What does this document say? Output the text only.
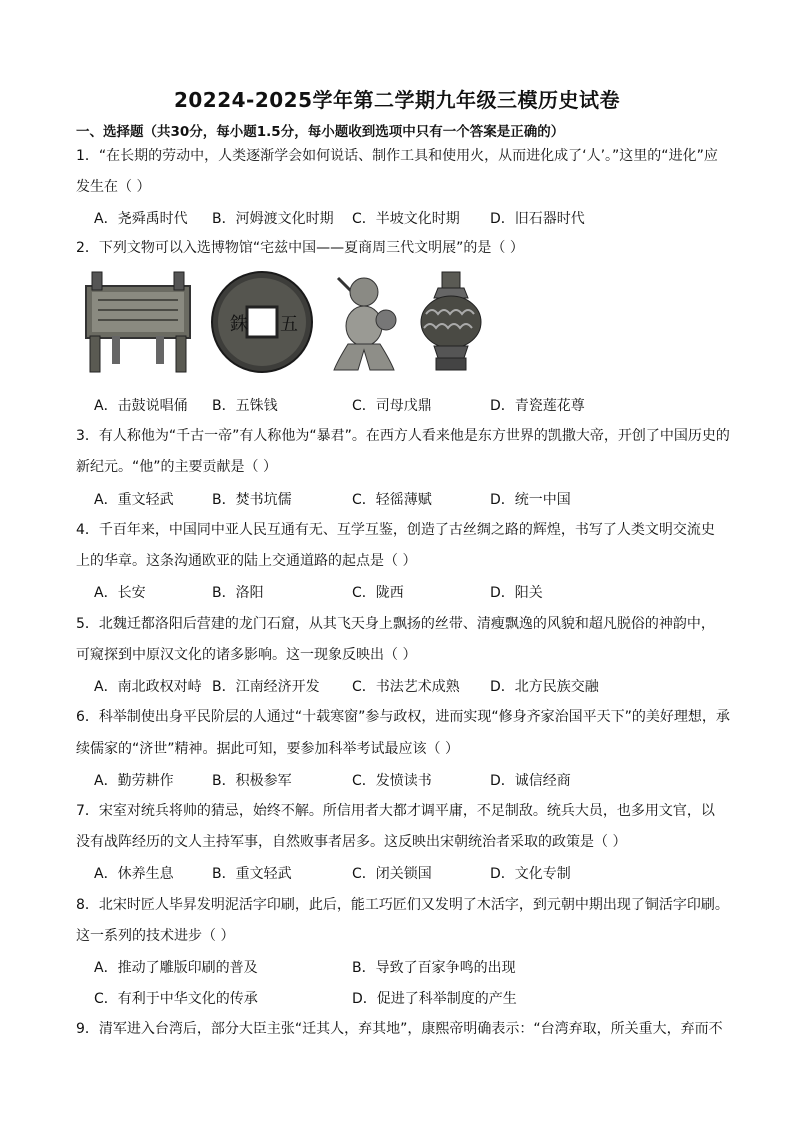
20224-2025学年第二学期九年级三模历史试卷
一、选择题（共30分，每小题1.5分，每小题收到选项中只有一个答案是正确的）
1．“在长期的劳动中，人类逐渐学会如何说话、制作工具和使用火，从而进化成了‘人’。”这里的“进化”应
发生在（ ）
A．尧舜禹时代 B．河姆渡文化时期 C．半坡文化时期 D．旧石器时代
2．下列文物可以入选博物馆“宅兹中国——夏商周三代文明展”的是（ ）
銖 五
A．击鼓说唱俑 B．五铢钱	C．司母戊鼎	D．青瓷莲花尊
3．有人称他为“千古一帝”有人称他为“暴君”。在西方人看来他是东方世界的凯撒大帝，开创了中国历史的
新纪元。“他”的主要贡献是（ ）
A．重文轻武	B．焚书坑儒	C．轻徭薄赋	D．统一中国
4．千百年来，中国同中亚人民互通有无、互学互鉴，创造了古丝绸之路的辉煌，书写了人类文明交流史
上的华章。这条沟通欧亚的陆上交通道路的起点是（ ）
A．长安	B．洛阳	C．陇西	D．阳关
5．北魏迁都洛阳后营建的龙门石窟，从其飞天身上飘扬的丝带、清瘦飘逸的风貌和超凡脱俗的神韵中，
可窥探到中原汉文化的诸多影响。这一现象反映出（ ）
A．南北政权对峙 B．江南经济开发 C．书法艺术成熟 D．北方民族交融
6．科举制使出身平民阶层的人通过“十载寒窗”参与政权，进而实现“修身齐家治国平天下”的美好理想，承
续儒家的“济世”精神。据此可知，要参加科举考试最应该（ ）
A．勤劳耕作	B．积极参军	C．发愤读书	D．诚信经商
7．宋室对统兵将帅的猜忌，始终不解。所信用者大都才调平庸，不足制敌。统兵大员，也多用文官，以
没有战阵经历的文人主持军事，自然败事者居多。这反映出宋朝统治者采取的政策是（ ）
A．休养生息	B．重文轻武	C．闭关锁国	D．文化专制
8．北宋时匠人毕昇发明泥活字印刷，此后，能工巧匠们又发明了木活字，到元朝中期出现了铜活字印刷。
这一系列的技术进步（ ）
A．推动了雕版印刷的普及	B．导致了百家争鸣的出现
C．有利于中华文化的传承	D．促进了科举制度的产生
9．清军进入台湾后，部分大臣主张“迁其人，弃其地”，康熙帝明确表示：“台湾弃取，所关重大，弃而不
